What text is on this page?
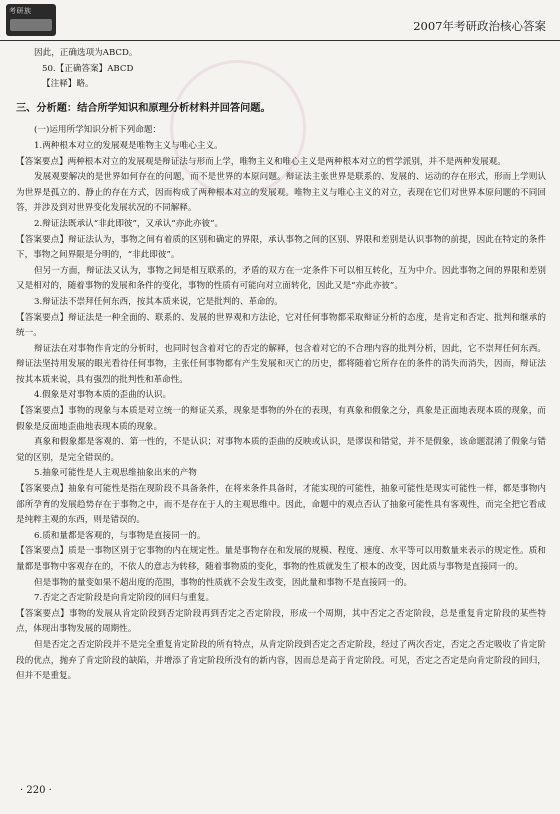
考研族
2007年考研政治核心答案

因此，正确选项为ABCD。

50.【正确答案】ABCD

【注释】略。

三、分析题：结合所学知识和原理分析材料并回答问题。

(一)运用所学知识分析下列命题：

1.两种根本对立的发展观是唯物主义与唯心主义。

【答案要点】两种根本对立的发展观是辩证法与形而上学，唯物主义和唯心主义是两种根本对立的哲学派别，并不是两种发展观。

发展观要解决的是世界如何存在的问题，而不是世界的本原问题。辩证法主张世界是联系的、发展的、运动的存在形式，形而上学则认为世界是孤立的、静止的存在方式，因而构成了两种根本对立的发展观。唯物主义与唯心主义的对立，表现在它们对世界本原问题的不同回答，并涉及到对世界变化发展状况的不同解释。

2.辩证法既承认“非此即彼”，又承认“亦此亦彼”。

【答案要点】辩证法认为，事物之间有着质的区别和确定的界限，承认事物之间的区别、界限和差别是认识事物的前提，因此在特定的条件下，事物之间界限是分明的，“非此即彼”。

但另一方面，辩证法又认为，事物之间是相互联系的，矛盾的双方在一定条件下可以相互转化，互为中介。因此事物之间的界限和差别又是相对的，随着事物的发展和条件的变化，事物的性质有可能向对立面转化，因此又是“亦此亦彼”。

3.辩证法不崇拜任何东西，按其本质来说，它是批判的、革命的。

【答案要点】辩证法是一种全面的、联系的、发展的世界观和方法论，它对任何事物都采取辩证分析的态度，是肯定和否定、批判和继承的统一。

辩证法在对事物作肯定的分析时，也同时包含着对它的否定的解释，包含着对它的不合理内容的批判分析，因此，它不崇拜任何东西。辩证法坚持用发展的眼光看待任何事物，主张任何事物都有产生发展和灭亡的历史，都将随着它所存在的条件的消失而消失，因而，辩证法按其本质来说，具有强烈的批判性和革命性。

4.假象是对事物本质的歪曲的认识。

【答案要点】事物的现象与本质是对立统一的辩证关系，现象是事物的外在的表现，有真象和假象之分，真象是正面地表现本质的现象，而假象是反面地歪曲地表现本质的现象。

真象和假象都是客观的、第一性的，不是认识；对事物本质的歪曲的反映或认识，是谬误和错觉，并不是假象，该命题混淆了假象与错觉的区别，是完全错误的。

5.抽象可能性是人主观思维抽象出来的产物

【答案要点】抽象有可能性是指在现阶段不具备条件，在将来条件具备时，才能实现的可能性，抽象可能性是现实可能性一样，都是事物内部所孕育的发展趋势存在于事物之中，而不是存在于人的主观思维中。因此，命题中的观点否认了抽象可能性具有客观性，而完全把它看成是纯粹主观的东西，则是错误的。

6.质和量都是客观的，与事物是直接同一的。

【答案要点】质是一事物区别于它事物的内在规定性。量是事物存在和发展的规模、程度、速度、水平等可以用数量来表示的规定性。质和量都是事物中客观存在的，不依人的意志为转移，随着事物质的变化，事物的性质就发生了根本的改变，因此质与事物是直接同一的。

但是事物的量变如果不超出度的范围，事物的性质就不会发生改变，因此量和事物不是直接同一的。

7.否定之否定阶段是向肯定阶段的回归与重复。

【答案要点】事物的发展从肯定阶段到否定阶段再到否定之否定阶段，形成一个周期，其中否定之否定阶段，总是重复肯定阶段的某些特点，体现出事物发展的周期性。

但是否定之否定阶段并不是完全重复肯定阶段的所有特点，从肯定阶段到否定之否定阶段，经过了两次否定，否定之否定吸收了肯定阶段的优点，抛弃了肯定阶段的缺陷，并增添了肯定阶段所没有的新内容，因而总是高于肯定阶段。可见，否定之否定是向肯定阶段的回归，但并不是重复。

· 220 ·
